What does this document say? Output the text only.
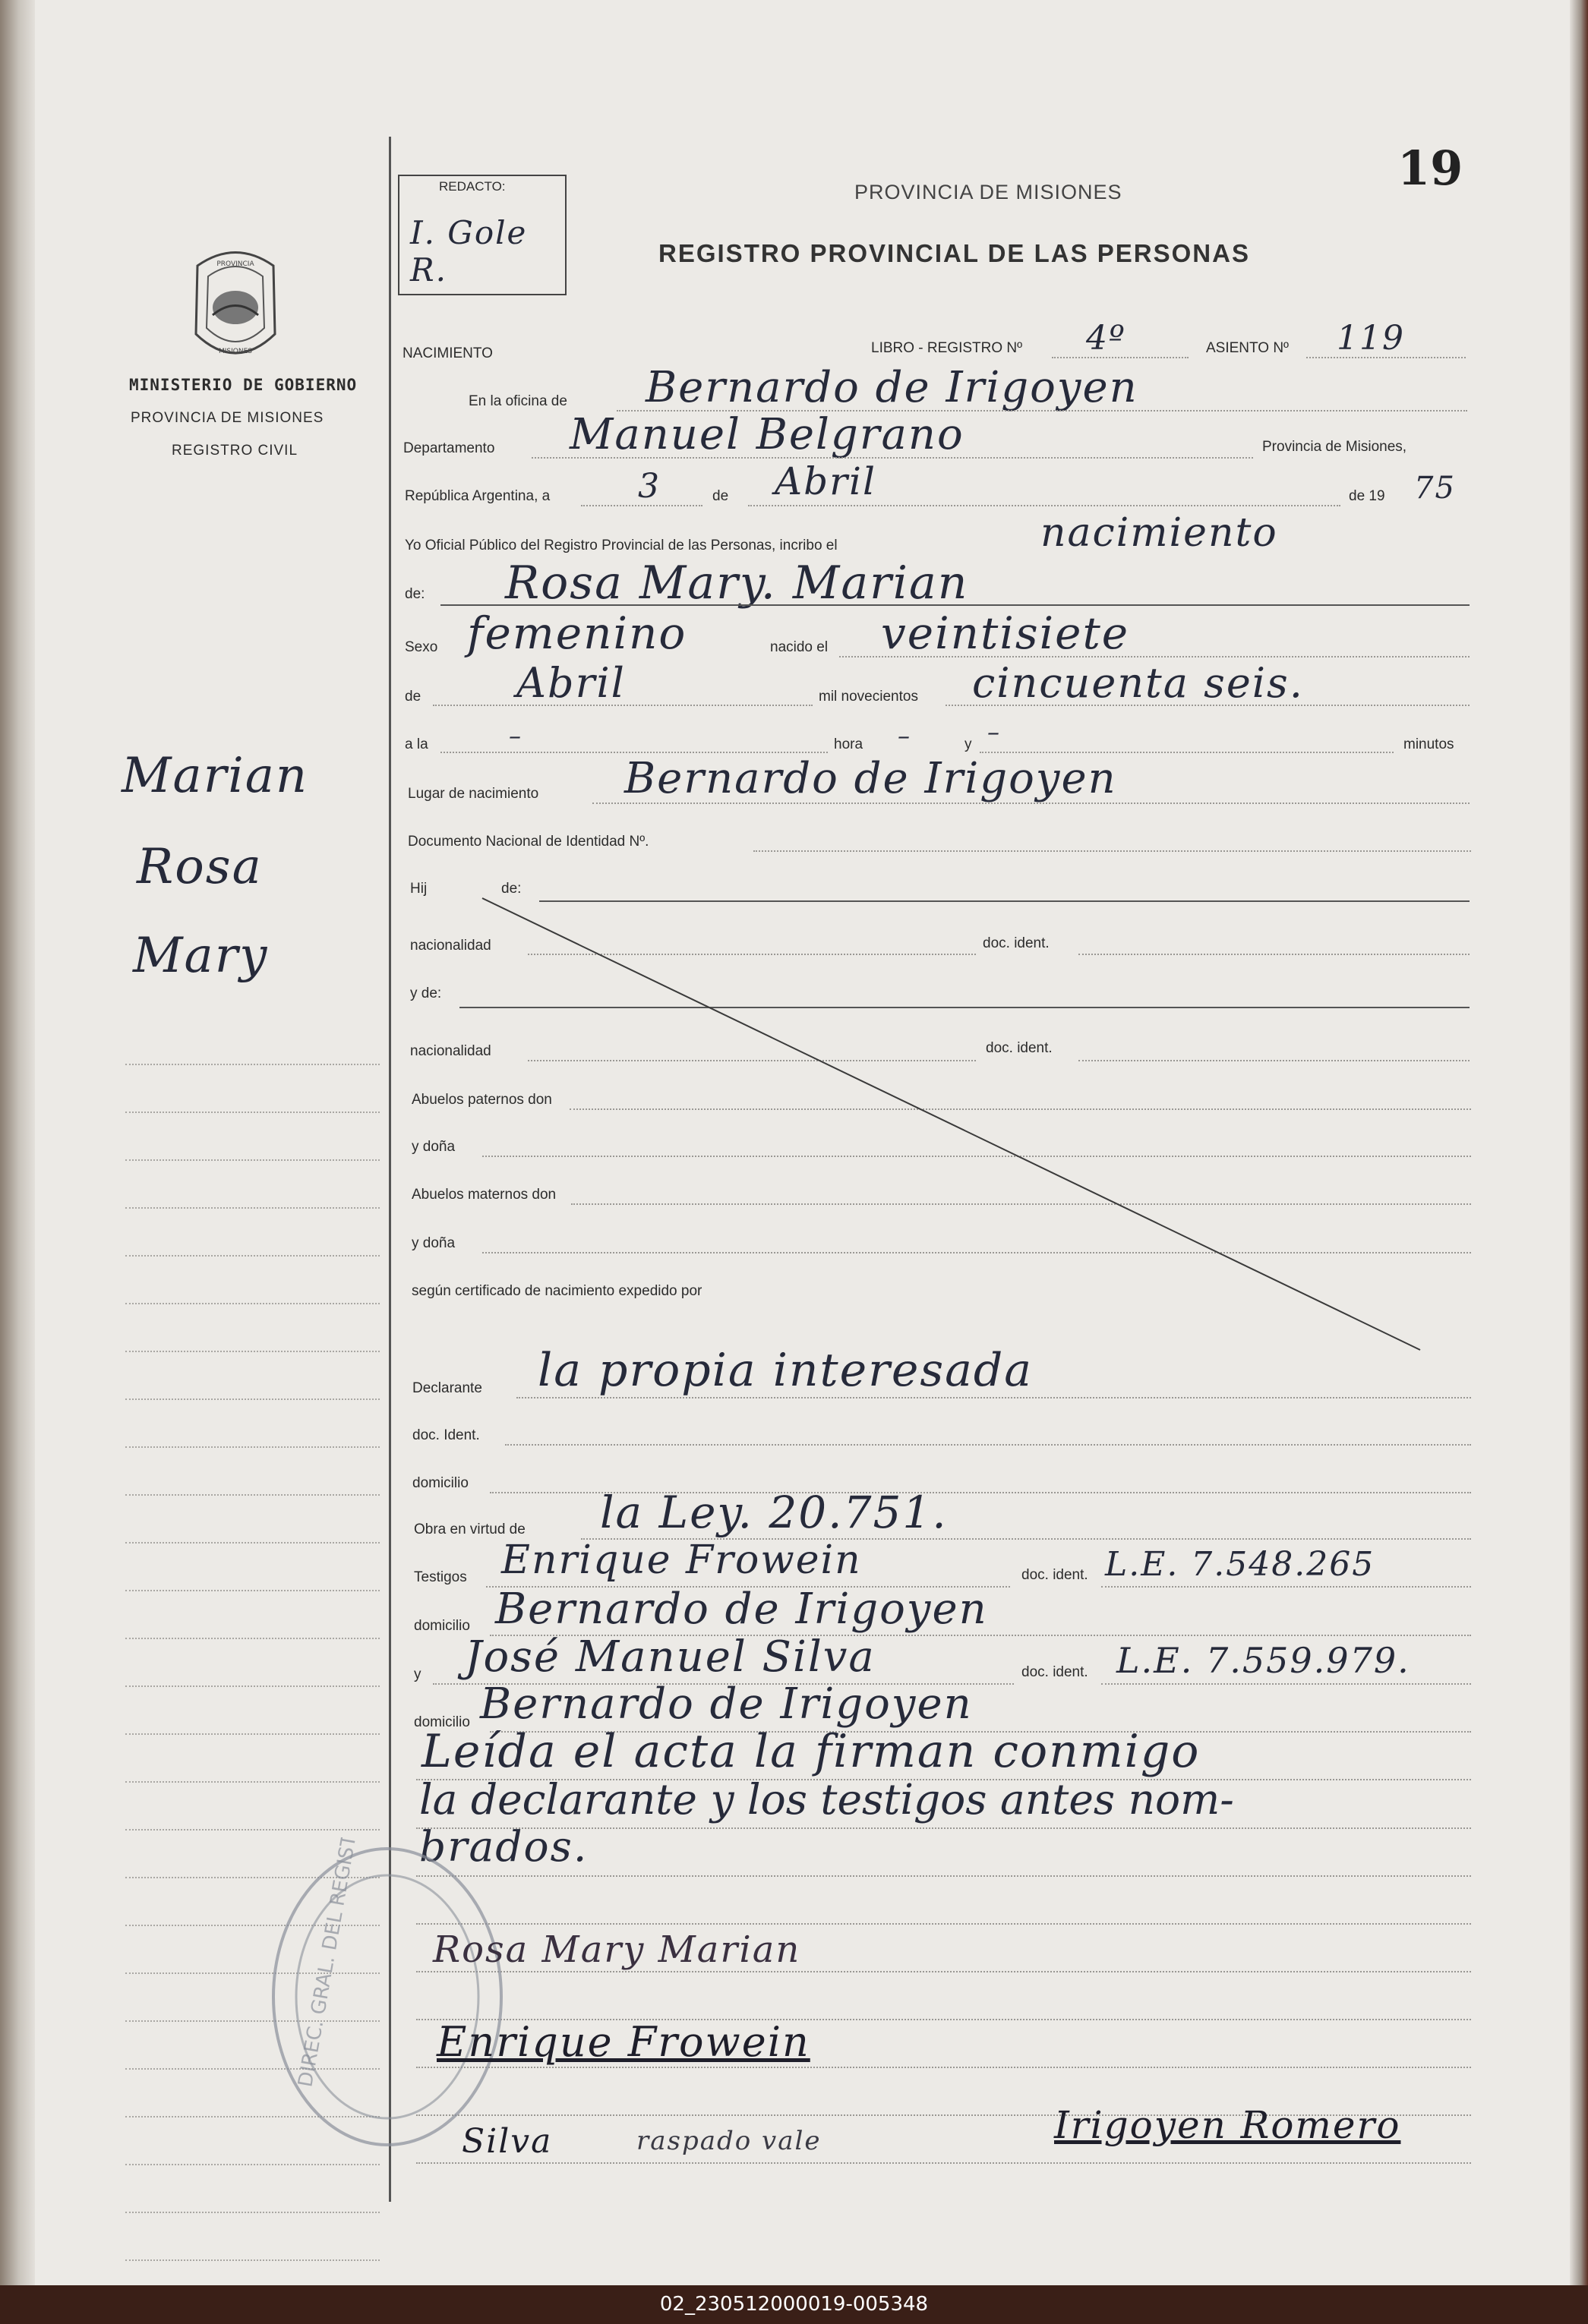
19
PROVINCIA
MISIONES
MINISTERIO DE GOBIERNO
PROVINCIA DE MISIONES
REGISTRO CIVIL
Marian
Rosa
Mary
REDACTO:
I. Gole R.
PROVINCIA DE MISIONES
REGISTRO PROVINCIAL DE LAS PERSONAS
NACIMIENTO	LIBRO - REGISTRO Nº 4º	ASIENTO Nº 119
En la oficina de Bernardo de Irigoyen
Departamento Manuel Belgrano	Provincia de Misiones,
República Argentina, a	3	de Abril	de 19 75
Yo Oficial Público del Registro Provincial de las Personas, incribo el	nacimiento
de: Rosa Mary. Marian
Sexo femenino	nacido el veintisiete
de Abril	mil novecientos cincuenta seis.
a la	–	hora –	y –	minutos
Lugar de nacimiento Bernardo de Irigoyen
Documento Nacional de Identidad Nº.
Hij	de:
nacionalidad	doc. ident.
y de:
nacionalidad	doc. ident.
Abuelos paternos don
y doña
Abuelos maternos don
y doña
según certificado de nacimiento expedido por
Declarante la propia interesada
doc. Ident.
domicilio
Obra en virtud de la Ley. 20.751.
Testigos Enrique Frowein	doc. ident. L.E. 7.548.265
domicilio Bernardo de Irigoyen
y José Manuel Silva	doc. ident. L.E. 7.559.979.
domicilio Bernardo de Irigoyen
Leída el acta la firman conmigo
la declarante y los testigos antes nom-
brados.
DIREC. GRAL. DEL REGISTRO PROVINCIAL Rosa Mary Marian
Enrique Frowein
Silva	raspado vale	Irigoyen Romero
02_230512000019-005348
